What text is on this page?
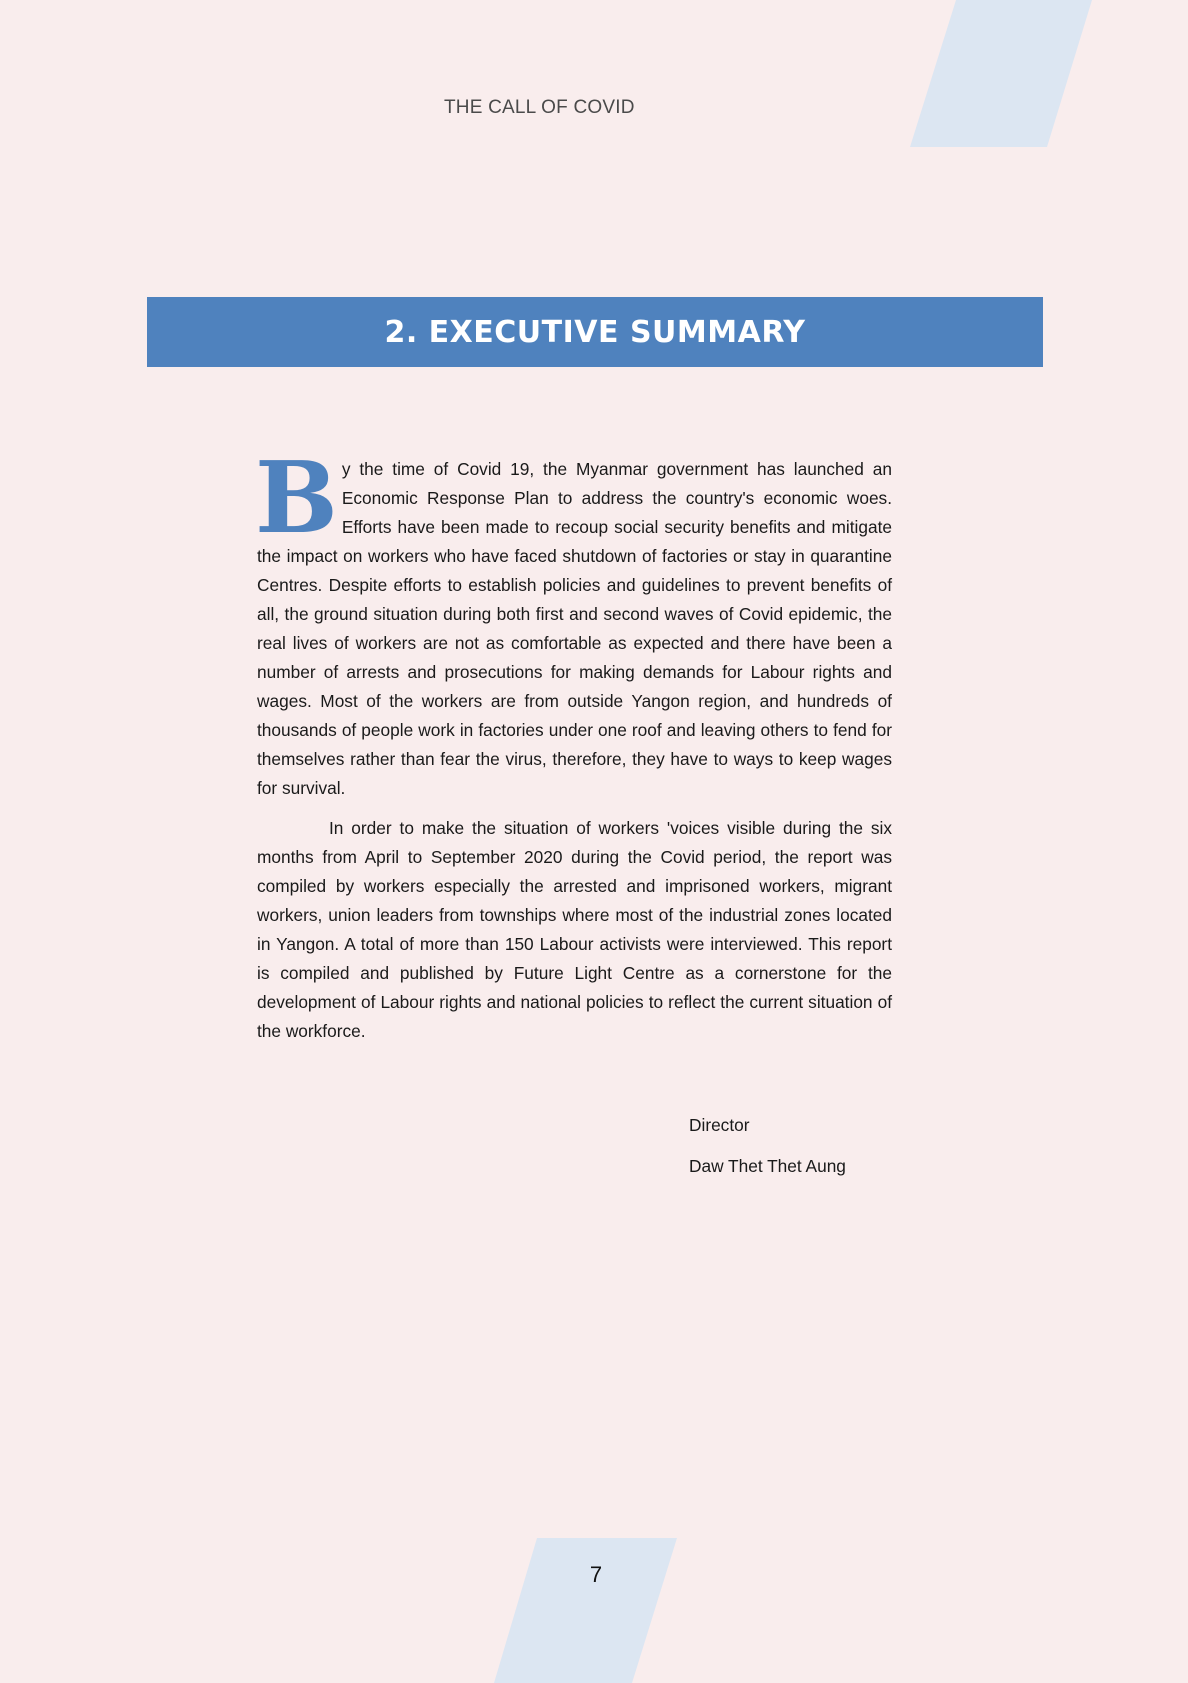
THE CALL OF COVID
2. EXECUTIVE SUMMARY

By the time of Covid 19, the Myanmar government has launched an Economic Response Plan to address the country's economic woes. Efforts have been made to recoup social security benefits and mitigate the impact on workers who have faced shutdown of factories or stay in quarantine Centres. Despite efforts to establish policies and guidelines to prevent benefits of all, the ground situation during both first and second waves of Covid epidemic, the real lives of workers are not as comfortable as expected and there have been a number of arrests and prosecutions for making demands for Labour rights and wages. Most of the workers are from outside Yangon region, and hundreds of thousands of people work in factories under one roof and leaving others to fend for themselves rather than fear the virus, therefore, they have to ways to keep wages for survival.

In order to make the situation of workers 'voices visible during the six months from April to September 2020 during the Covid period, the report was compiled by workers especially the arrested and imprisoned workers, migrant workers, union leaders from townships where most of the industrial zones located in Yangon. A total of more than 150 Labour activists were interviewed. This report is compiled and published by Future Light Centre as a cornerstone for the development of Labour rights and national policies to reflect the current situation of the workforce.

Director
Daw Thet Thet Aung
7
